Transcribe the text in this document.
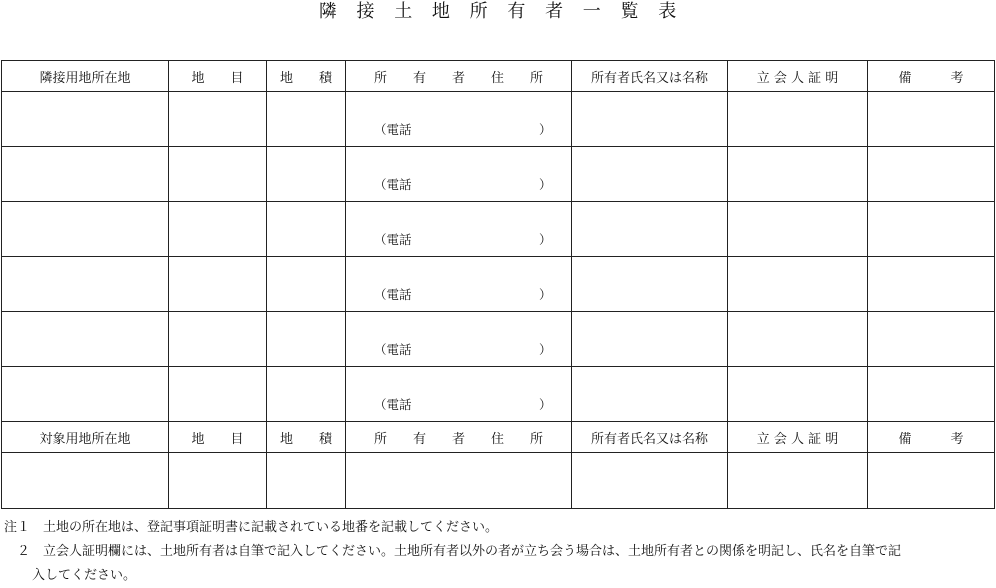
隣 接 土 地 所 有 者 一 覧 表
隣接用地所在地	地　　目	地　　積	所　　有　　者　　住　　所	所有者氏名又は名称	立 会 人 証 明	備　　　考

			（電話 ）			

			（電話 ）			

			（電話 ）			

			（電話 ）			

			（電話 ）			

			（電話 ）			

対象用地所在地	地　　目	地　　積	所　　有　　者　　住　　所	所有者氏名又は名称	立 会 人 証 明	備　　　考

注１　土地の所在地は、登記事項証明書に記載されている地番を記載してください。
　２　立会人証明欄には、土地所有者は自筆で記入してください。土地所有者以外の者が立ち会う場合は、土地所有者との関係を明記し、氏名を自筆で記
入してください。
